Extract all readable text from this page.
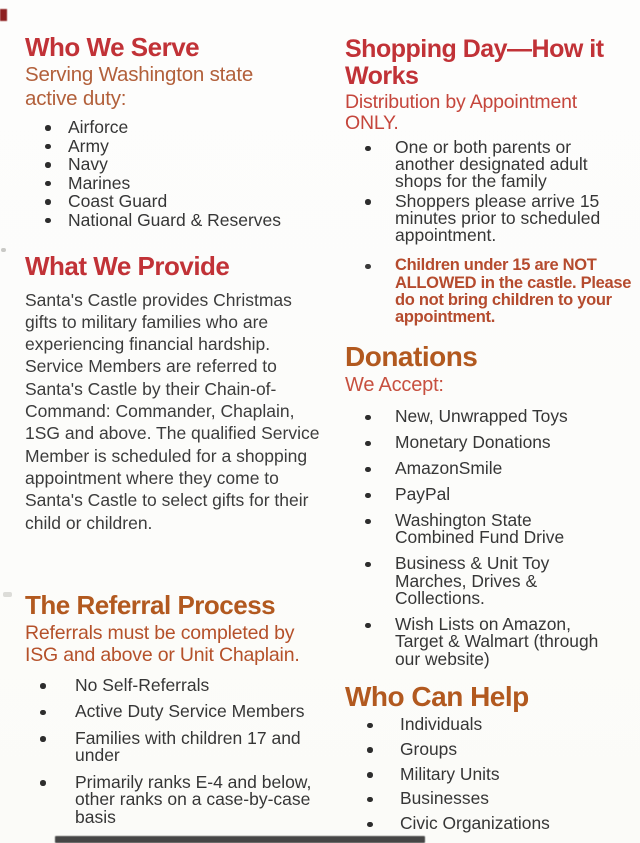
Who We Serve

Serving Washington state active duty:

Airforce
Army
Navy
Marines
Coast Guard
National Guard & Reserves
What We Provide

Santa's Castle provides Christmas gifts to military families who are experiencing financial hardship. Service Members are referred to Santa's Castle by their Chain-of-Command: Commander, Chaplain, 1SG and above. The qualified Service Member is scheduled for a shopping appointment where they come to Santa's Castle to select gifts for their child or children.

The Referral Process

Referrals must be completed by ISG and above or Unit Chaplain.

No Self-Referrals
Active Duty Service Members
Families with children 17 and under
Primarily ranks E-4 and below, other ranks on a case-by-case basis
Shopping Day—How it Works

Distribution by Appointment ONLY.

One or both parents or another designated adult shops for the family
Shoppers please arrive 15 minutes prior to scheduled appointment.
Children under 15 are NOT ALLOWED in the castle. Please do not bring children to your appointment.
Donations

We Accept:

New, Unwrapped Toys
Monetary Donations
AmazonSmile
PayPal
Washington State Combined Fund Drive
Business & Unit Toy Marches, Drives & Collections.
Wish Lists on Amazon, Target & Walmart (through our website)
Who Can Help
Individuals
Groups
Military Units
Businesses
Civic Organizations
